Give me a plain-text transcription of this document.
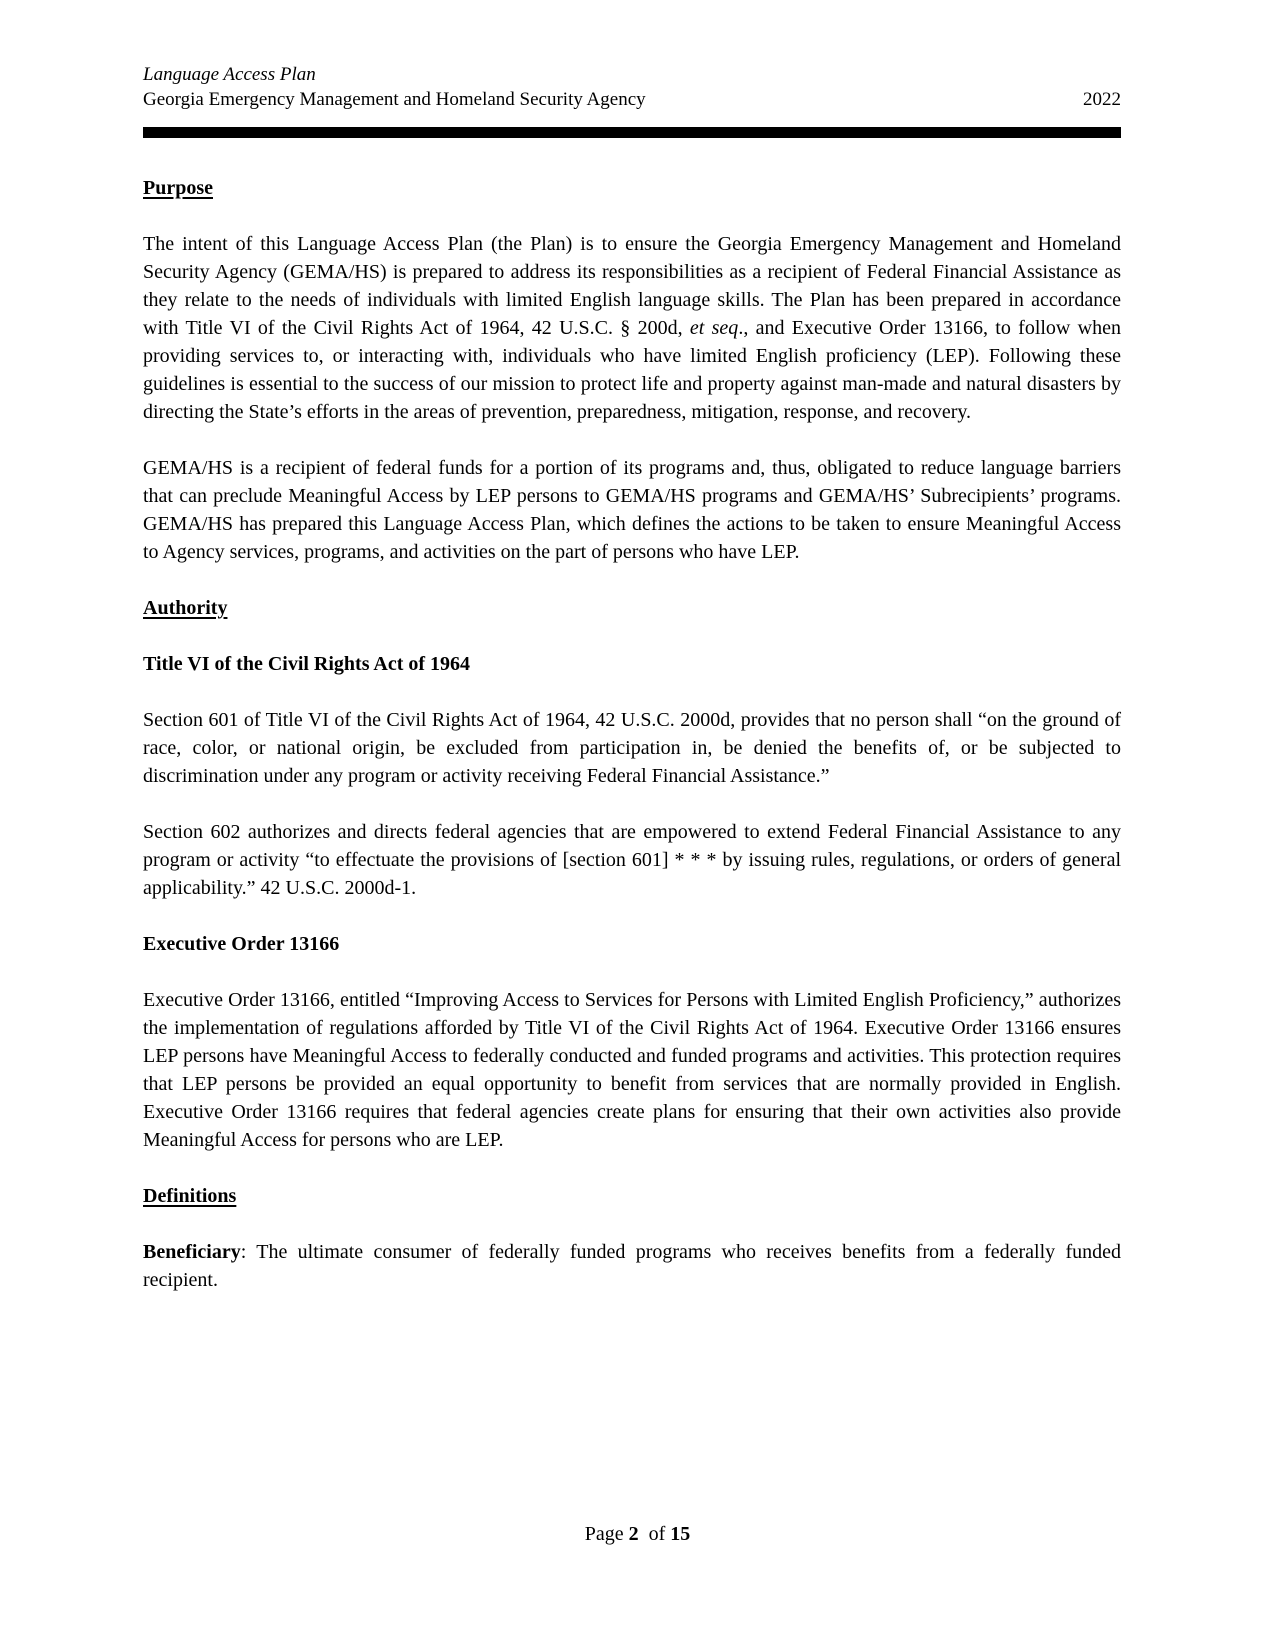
Language Access Plan
Georgia Emergency Management and Homeland Security Agency	2022
Purpose

The intent of this Language Access Plan (the Plan) is to ensure the Georgia Emergency Management and Homeland Security Agency (GEMA/HS) is prepared to address its responsibilities as a recipient of Federal Financial Assistance as they relate to the needs of individuals with limited English language skills. The Plan has been prepared in accordance with Title VI of the Civil Rights Act of 1964, 42 U.S.C. § 200d, et seq., and Executive Order 13166, to follow when providing services to, or interacting with, individuals who have limited English proficiency (LEP). Following these guidelines is essential to the success of our mission to protect life and property against man-made and natural disasters by directing the State’s efforts in the areas of prevention, preparedness, mitigation, response, and recovery.

GEMA/HS is a recipient of federal funds for a portion of its programs and, thus, obligated to reduce language barriers that can preclude Meaningful Access by LEP persons to GEMA/HS programs and GEMA/HS’ Subrecipients’ programs. GEMA/HS has prepared this Language Access Plan, which defines the actions to be taken to ensure Meaningful Access to Agency services, programs, and activities on the part of persons who have LEP.

Authority
Title VI of the Civil Rights Act of 1964

Section 601 of Title VI of the Civil Rights Act of 1964, 42 U.S.C. 2000d, provides that no person shall “on the ground of race, color, or national origin, be excluded from participation in, be denied the benefits of, or be subjected to discrimination under any program or activity receiving Federal Financial Assistance.”

Section 602 authorizes and directs federal agencies that are empowered to extend Federal Financial Assistance to any program or activity “to effectuate the provisions of [section 601] * * * by issuing rules, regulations, or orders of general applicability.” 42 U.S.C. 2000d-1.

Executive Order 13166

Executive Order 13166, entitled “Improving Access to Services for Persons with Limited English Proficiency,” authorizes the implementation of regulations afforded by Title VI of the Civil Rights Act of 1964. Executive Order 13166 ensures LEP persons have Meaningful Access to federally conducted and funded programs and activities. This protection requires that LEP persons be provided an equal opportunity to benefit from services that are normally provided in English. Executive Order 13166 requires that federal agencies create plans for ensuring that their own activities also provide Meaningful Access for persons who are LEP.

Definitions

Beneficiary: The ultimate consumer of federally funded programs who receives benefits from a federally funded recipient.

Page 2  of 15
